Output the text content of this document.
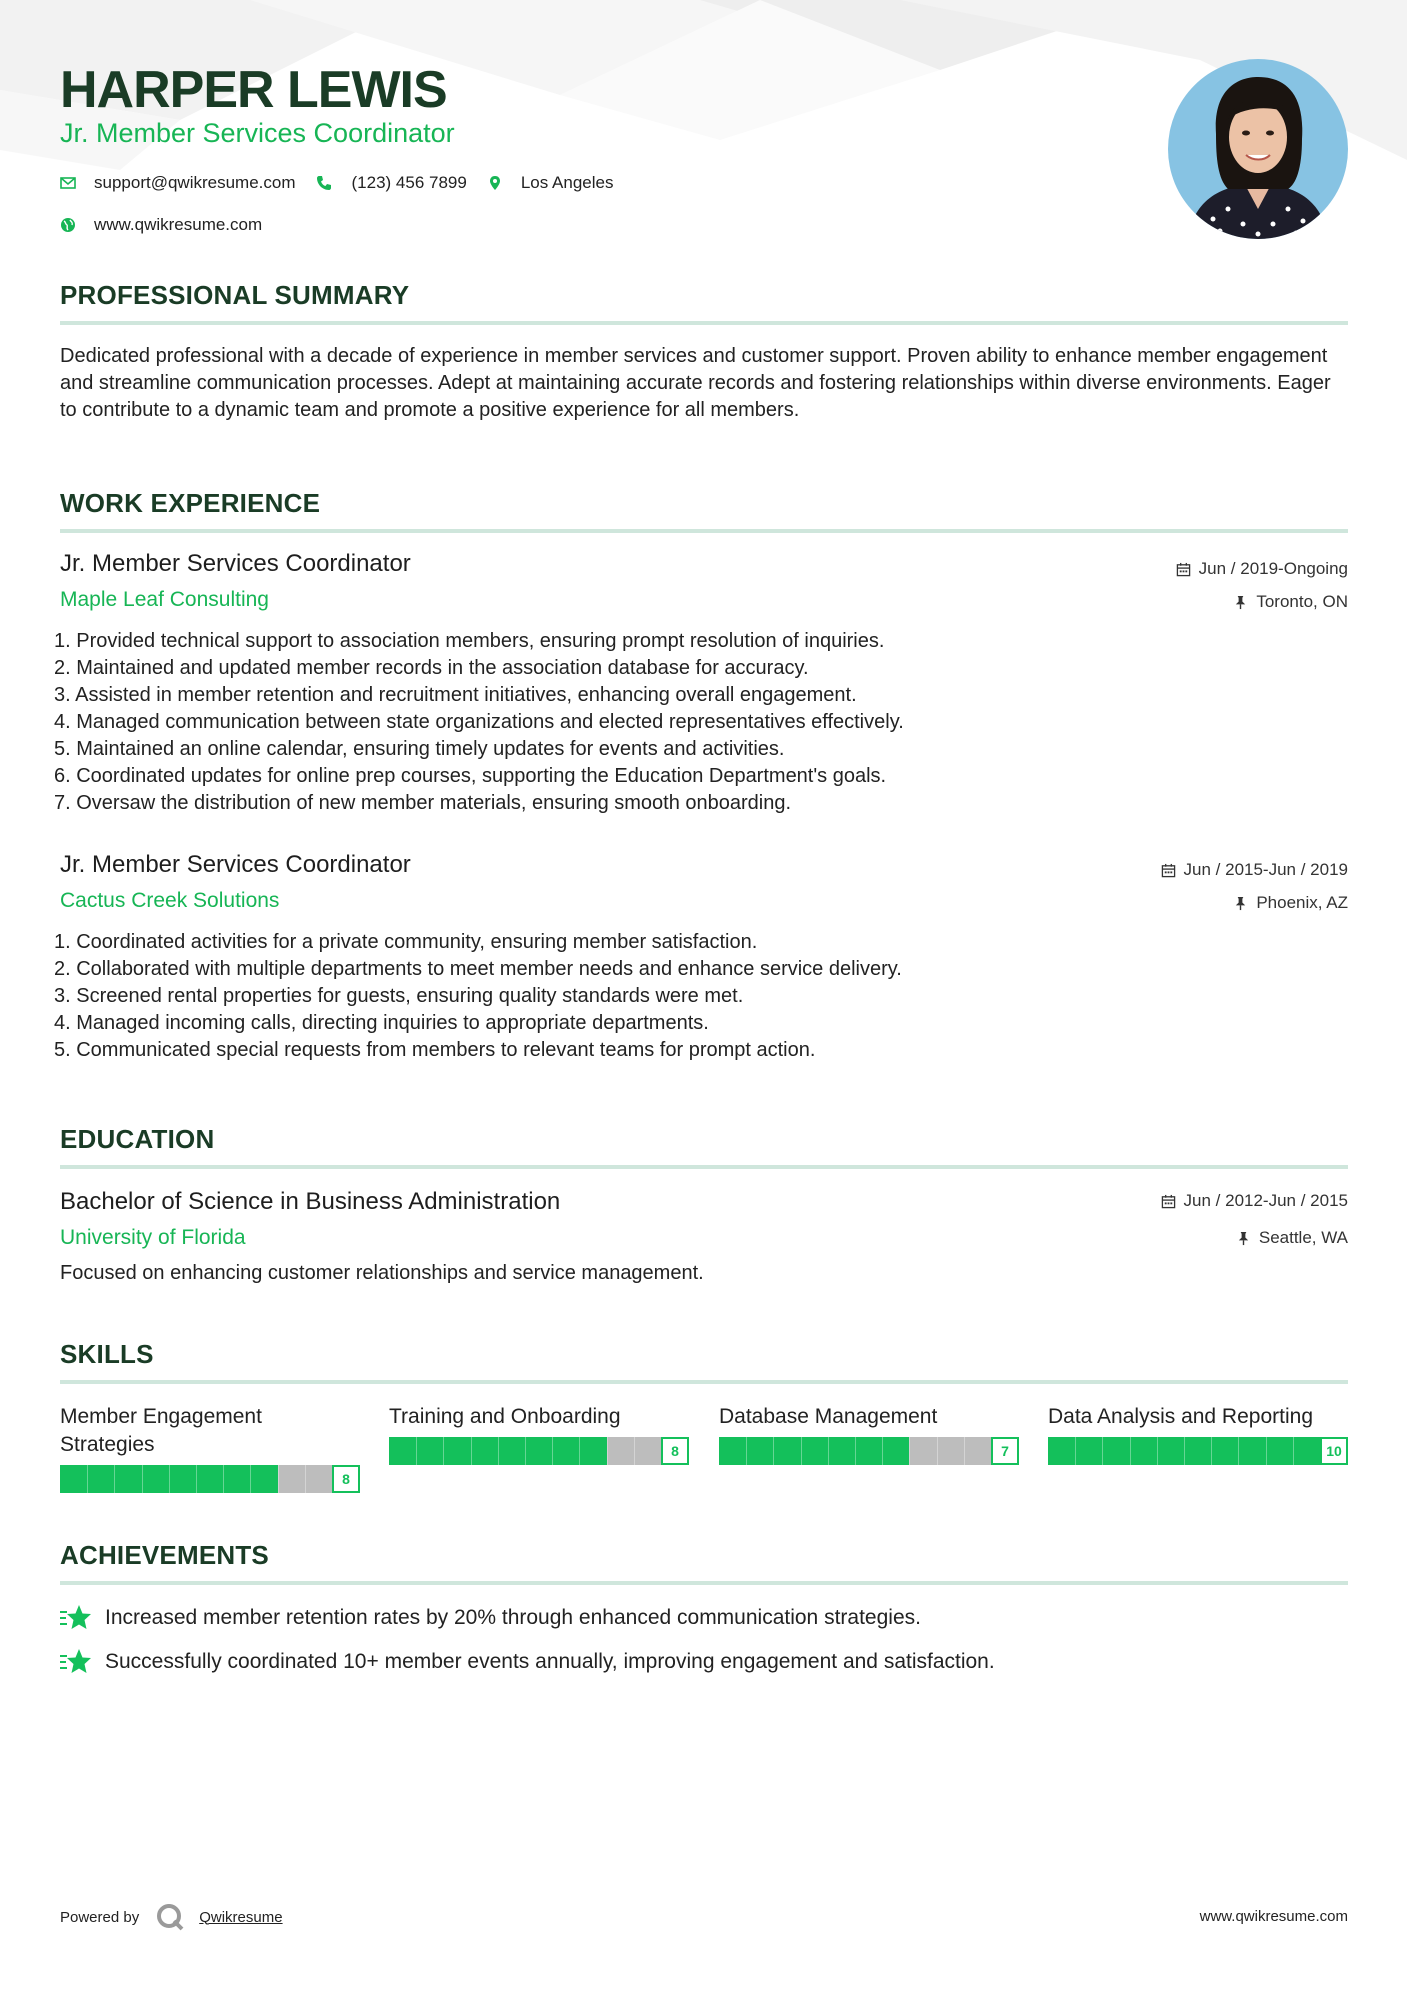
HARPER LEWIS
Jr. Member Services Coordinator
support@qwikresume.com	(123) 456 7899	Los Angeles
www.qwikresume.com
PROFESSIONAL SUMMARY

Dedicated professional with a decade of experience in member services and customer support. Proven ability to enhance member engagement and streamline communication processes. Adept at maintaining accurate records and fostering relationships within diverse environments. Eager to contribute to a dynamic team and promote a positive experience for all members.

WORK EXPERIENCE
Jr. Member Services Coordinator
Maple Leaf Consulting
Jun / 2019-Ongoing
Toronto, ON
1. Provided technical support to association members, ensuring prompt resolution of inquiries.
2. Maintained and updated member records in the association database for accuracy.
3. Assisted in member retention and recruitment initiatives, enhancing overall engagement.
4. Managed communication between state organizations and elected representatives effectively.
5. Maintained an online calendar, ensuring timely updates for events and activities.
6. Coordinated updates for online prep courses, supporting the Education Department's goals.
7. Oversaw the distribution of new member materials, ensuring smooth onboarding.
Jr. Member Services Coordinator
Cactus Creek Solutions
Jun / 2015-Jun / 2019
Phoenix, AZ
1. Coordinated activities for a private community, ensuring member satisfaction.
2. Collaborated with multiple departments to meet member needs and enhance service delivery.
3. Screened rental properties for guests, ensuring quality standards were met.
4. Managed incoming calls, directing inquiries to appropriate departments.
5. Communicated special requests from members to relevant teams for prompt action.
EDUCATION
Bachelor of Science in Business Administration
University of Florida
Jun / 2012-Jun / 2015
Seattle, WA
Focused on enhancing customer relationships and service management.
SKILLS
Member Engagement Strategies
8
Training and Onboarding
8
Database Management
7
Data Analysis and Reporting
10
ACHIEVEMENTS
Increased member retention rates by 20% through enhanced communication strategies.
Successfully coordinated 10+ member events annually, improving engagement and satisfaction.
Powered by	Qwikresume	www.qwikresume.com
